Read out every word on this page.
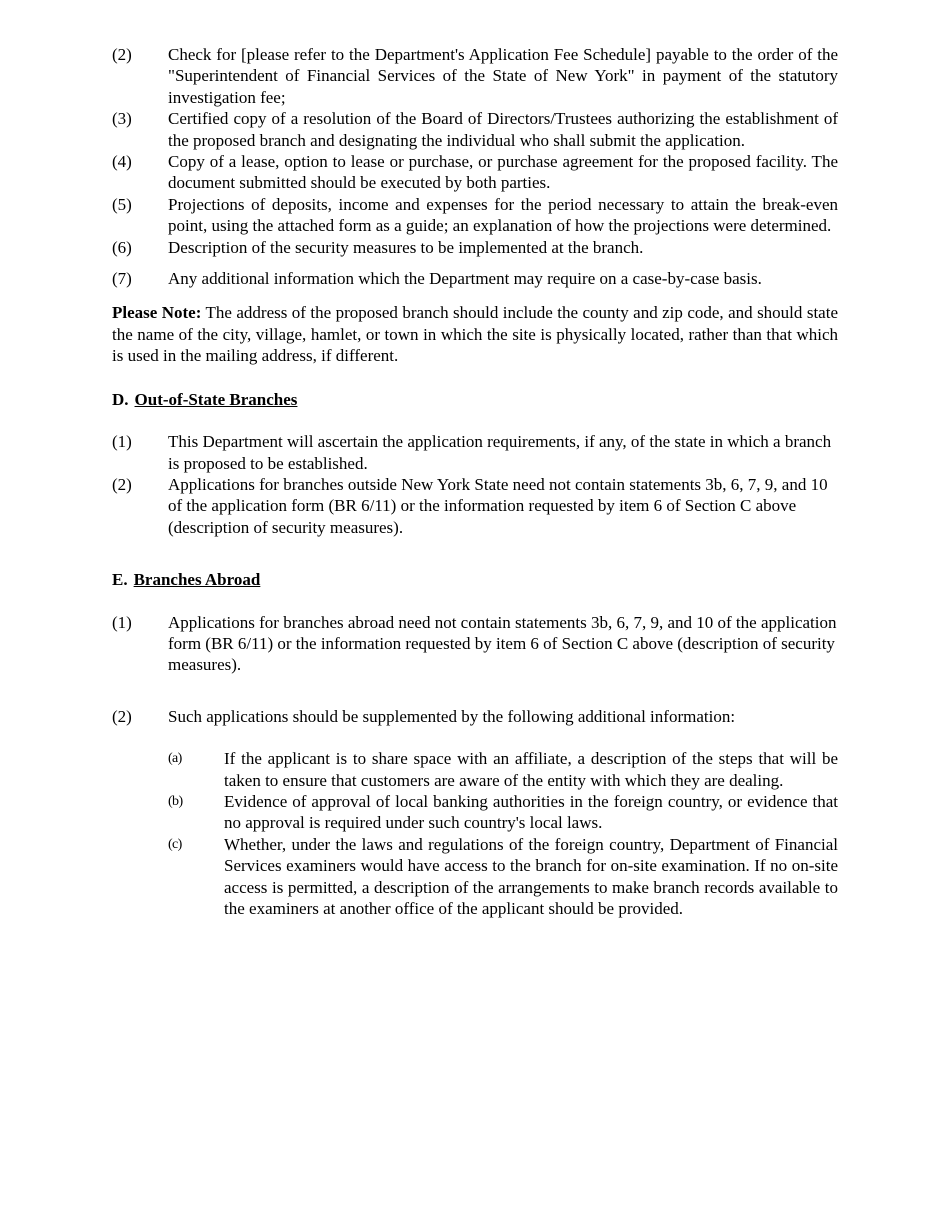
(2)	Check for [please refer to the Department's Application Fee Schedule] payable to the order of the "Superintendent of Financial Services of the State of New York" in payment of the statutory investigation fee;
(3)	Certified copy of a resolution of the Board of Directors/Trustees authorizing the establishment of the proposed branch and designating the individual who shall submit the application.
(4)	Copy of a lease, option to lease or purchase, or purchase agreement for the proposed facility. The document submitted should be executed by both parties.
(5)	Projections of deposits, income and expenses for the period necessary to attain the break-even point, using the attached form as a guide; an explanation of how the projections were determined.
(6)	Description of the security measures to be implemented at the branch.
(7)	Any additional information which the Department may require on a case-by-case basis.
Please Note: The address of the proposed branch should include the county and zip code, and should state the name of the city, village, hamlet, or town in which the site is physically located, rather than that which is used in the mailing address, if different.
D. Out-of-State Branches
(1)	This Department will ascertain the application requirements, if any, of the state in which a branch is proposed to be established.
(2)	Applications for branches outside New York State need not contain statements 3b, 6, 7, 9, and 10 of the application form (BR 6/11) or the information requested by item 6 of Section C above (description of security measures).
E. Branches Abroad
(1)	Applications for branches abroad need not contain statements 3b, 6, 7, 9, and 10 of the application form (BR 6/11) or the information requested by item 6 of Section C above (description of security measures).
(2)	Such applications should be supplemented by the following additional information:
(a)	If the applicant is to share space with an affiliate, a description of the steps that will be taken to ensure that customers are aware of the entity with which they are dealing.
(b)	Evidence of approval of local banking authorities in the foreign country, or evidence that no approval is required under such country's local laws.
(c)	Whether, under the laws and regulations of the foreign country, Department of Financial Services examiners would have access to the branch for on-site examination. If no on-site access is permitted, a description of the arrangements to make branch records available to the examiners at another office of the applicant should be provided.
